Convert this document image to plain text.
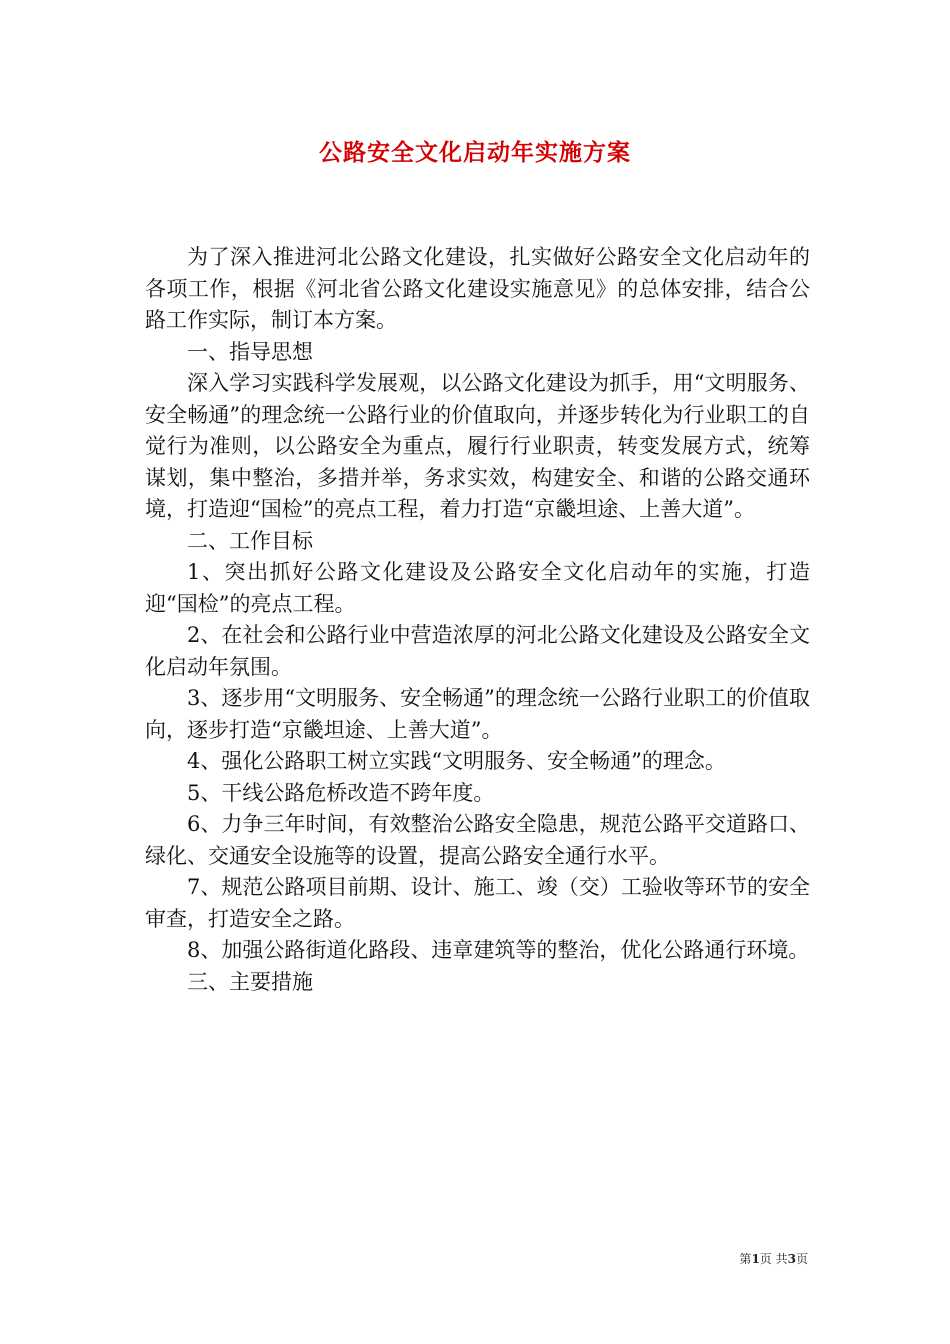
公路安全文化启动年实施方案

为了深入推进河北公路文化建设，扎实做好公路安全文化启动年的各项工作，根据《河北省公路文化建设实施意见》的总体安排，结合公路工作实际，制订本方案。

一、指导思想

深入学习实践科学发展观，以公路文化建设为抓手，用“文明服务、安全畅通”的理念统一公路行业的价值取向，并逐步转化为行业职工的自觉行为准则，以公路安全为重点，履行行业职责，转变发展方式，统筹谋划，集中整治，多措并举，务求实效，构建安全、和谐的公路交通环境，打造迎“国检”的亮点工程，着力打造“京畿坦途、上善大道”。

二、工作目标

1、突出抓好公路文化建设及公路安全文化启动年的实施，打造迎“国检”的亮点工程。

2、在社会和公路行业中营造浓厚的河北公路文化建设及公路安全文化启动年氛围。

3、逐步用“文明服务、安全畅通”的理念统一公路行业职工的价值取向，逐步打造“京畿坦途、上善大道”。

4、强化公路职工树立实践“文明服务、安全畅通”的理念。

5、干线公路危桥改造不跨年度。

6、力争三年时间，有效整治公路安全隐患，规范公路平交道路口、绿化、交通安全设施等的设置，提高公路安全通行水平。

7、规范公路项目前期、设计、施工、竣（交）工验收等环节的安全审查，打造安全之路。

8、加强公路街道化路段、违章建筑等的整治，优化公路通行环境。

三、主要措施

第1页 共3页
